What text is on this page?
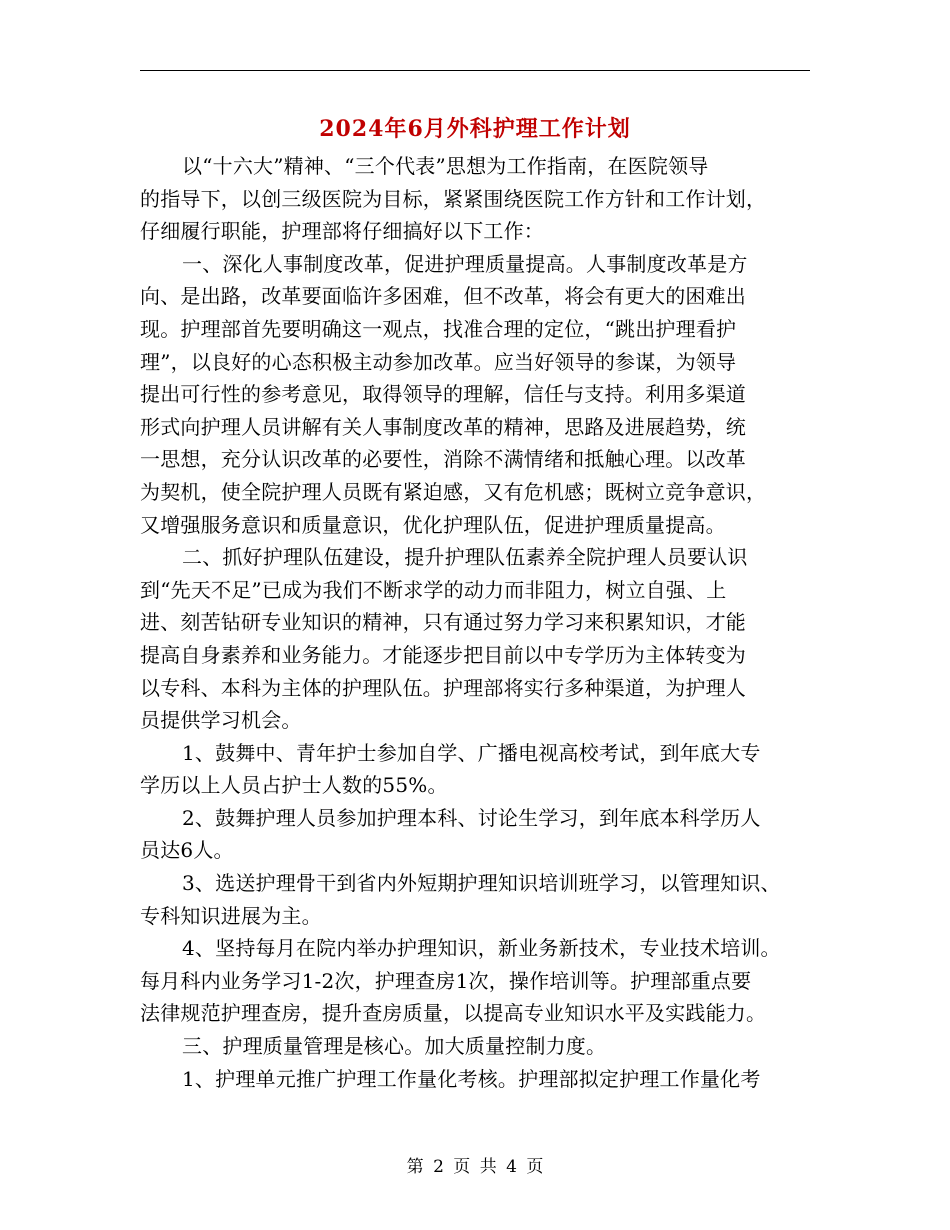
2024年6月外科护理工作计划
以“十六大”精神、“三个代表”思想为工作指南，在医院领导
的指导下，以创三级医院为目标，紧紧围绕医院工作方针和工作计划，
仔细履行职能，护理部将仔细搞好以下工作：
一、深化人事制度改革，促进护理质量提高。人事制度改革是方
向、是出路，改革要面临许多困难，但不改革，将会有更大的困难出
现。护理部首先要明确这一观点，找准合理的定位，“跳出护理看护
理”，以良好的心态积极主动参加改革。应当好领导的参谋，为领导
提出可行性的参考意见，取得领导的理解，信任与支持。利用多渠道
形式向护理人员讲解有关人事制度改革的精神，思路及进展趋势，统
一思想，充分认识改革的必要性，消除不满情绪和抵触心理。以改革
为契机，使全院护理人员既有紧迫感，又有危机感；既树立竞争意识，
又增强服务意识和质量意识，优化护理队伍，促进护理质量提高。
二、抓好护理队伍建设，提升护理队伍素养全院护理人员要认识
到“先天不足”已成为我们不断求学的动力而非阻力，树立自强、上
进、刻苦钻研专业知识的精神，只有通过努力学习来积累知识，才能
提高自身素养和业务能力。才能逐步把目前以中专学历为主体转变为
以专科、本科为主体的护理队伍。护理部将实行多种渠道，为护理人
员提供学习机会。
1、鼓舞中、青年护士参加自学、广播电视高校考试，到年底大专
学历以上人员占护士人数的55%。
2、鼓舞护理人员参加护理本科、讨论生学习，到年底本科学历人
员达6人。
3、选送护理骨干到省内外短期护理知识培训班学习，以管理知识、
专科知识进展为主。
4、坚持每月在院内举办护理知识，新业务新技术，专业技术培训。
每月科内业务学习1-2次，护理查房1次，操作培训等。护理部重点要
法律规范护理查房，提升查房质量，以提高专业知识水平及实践能力。
三、护理质量管理是核心。加大质量控制力度。
1、护理单元推广护理工作量化考核。护理部拟定护理工作量化考
第 2 页 共 4 页
